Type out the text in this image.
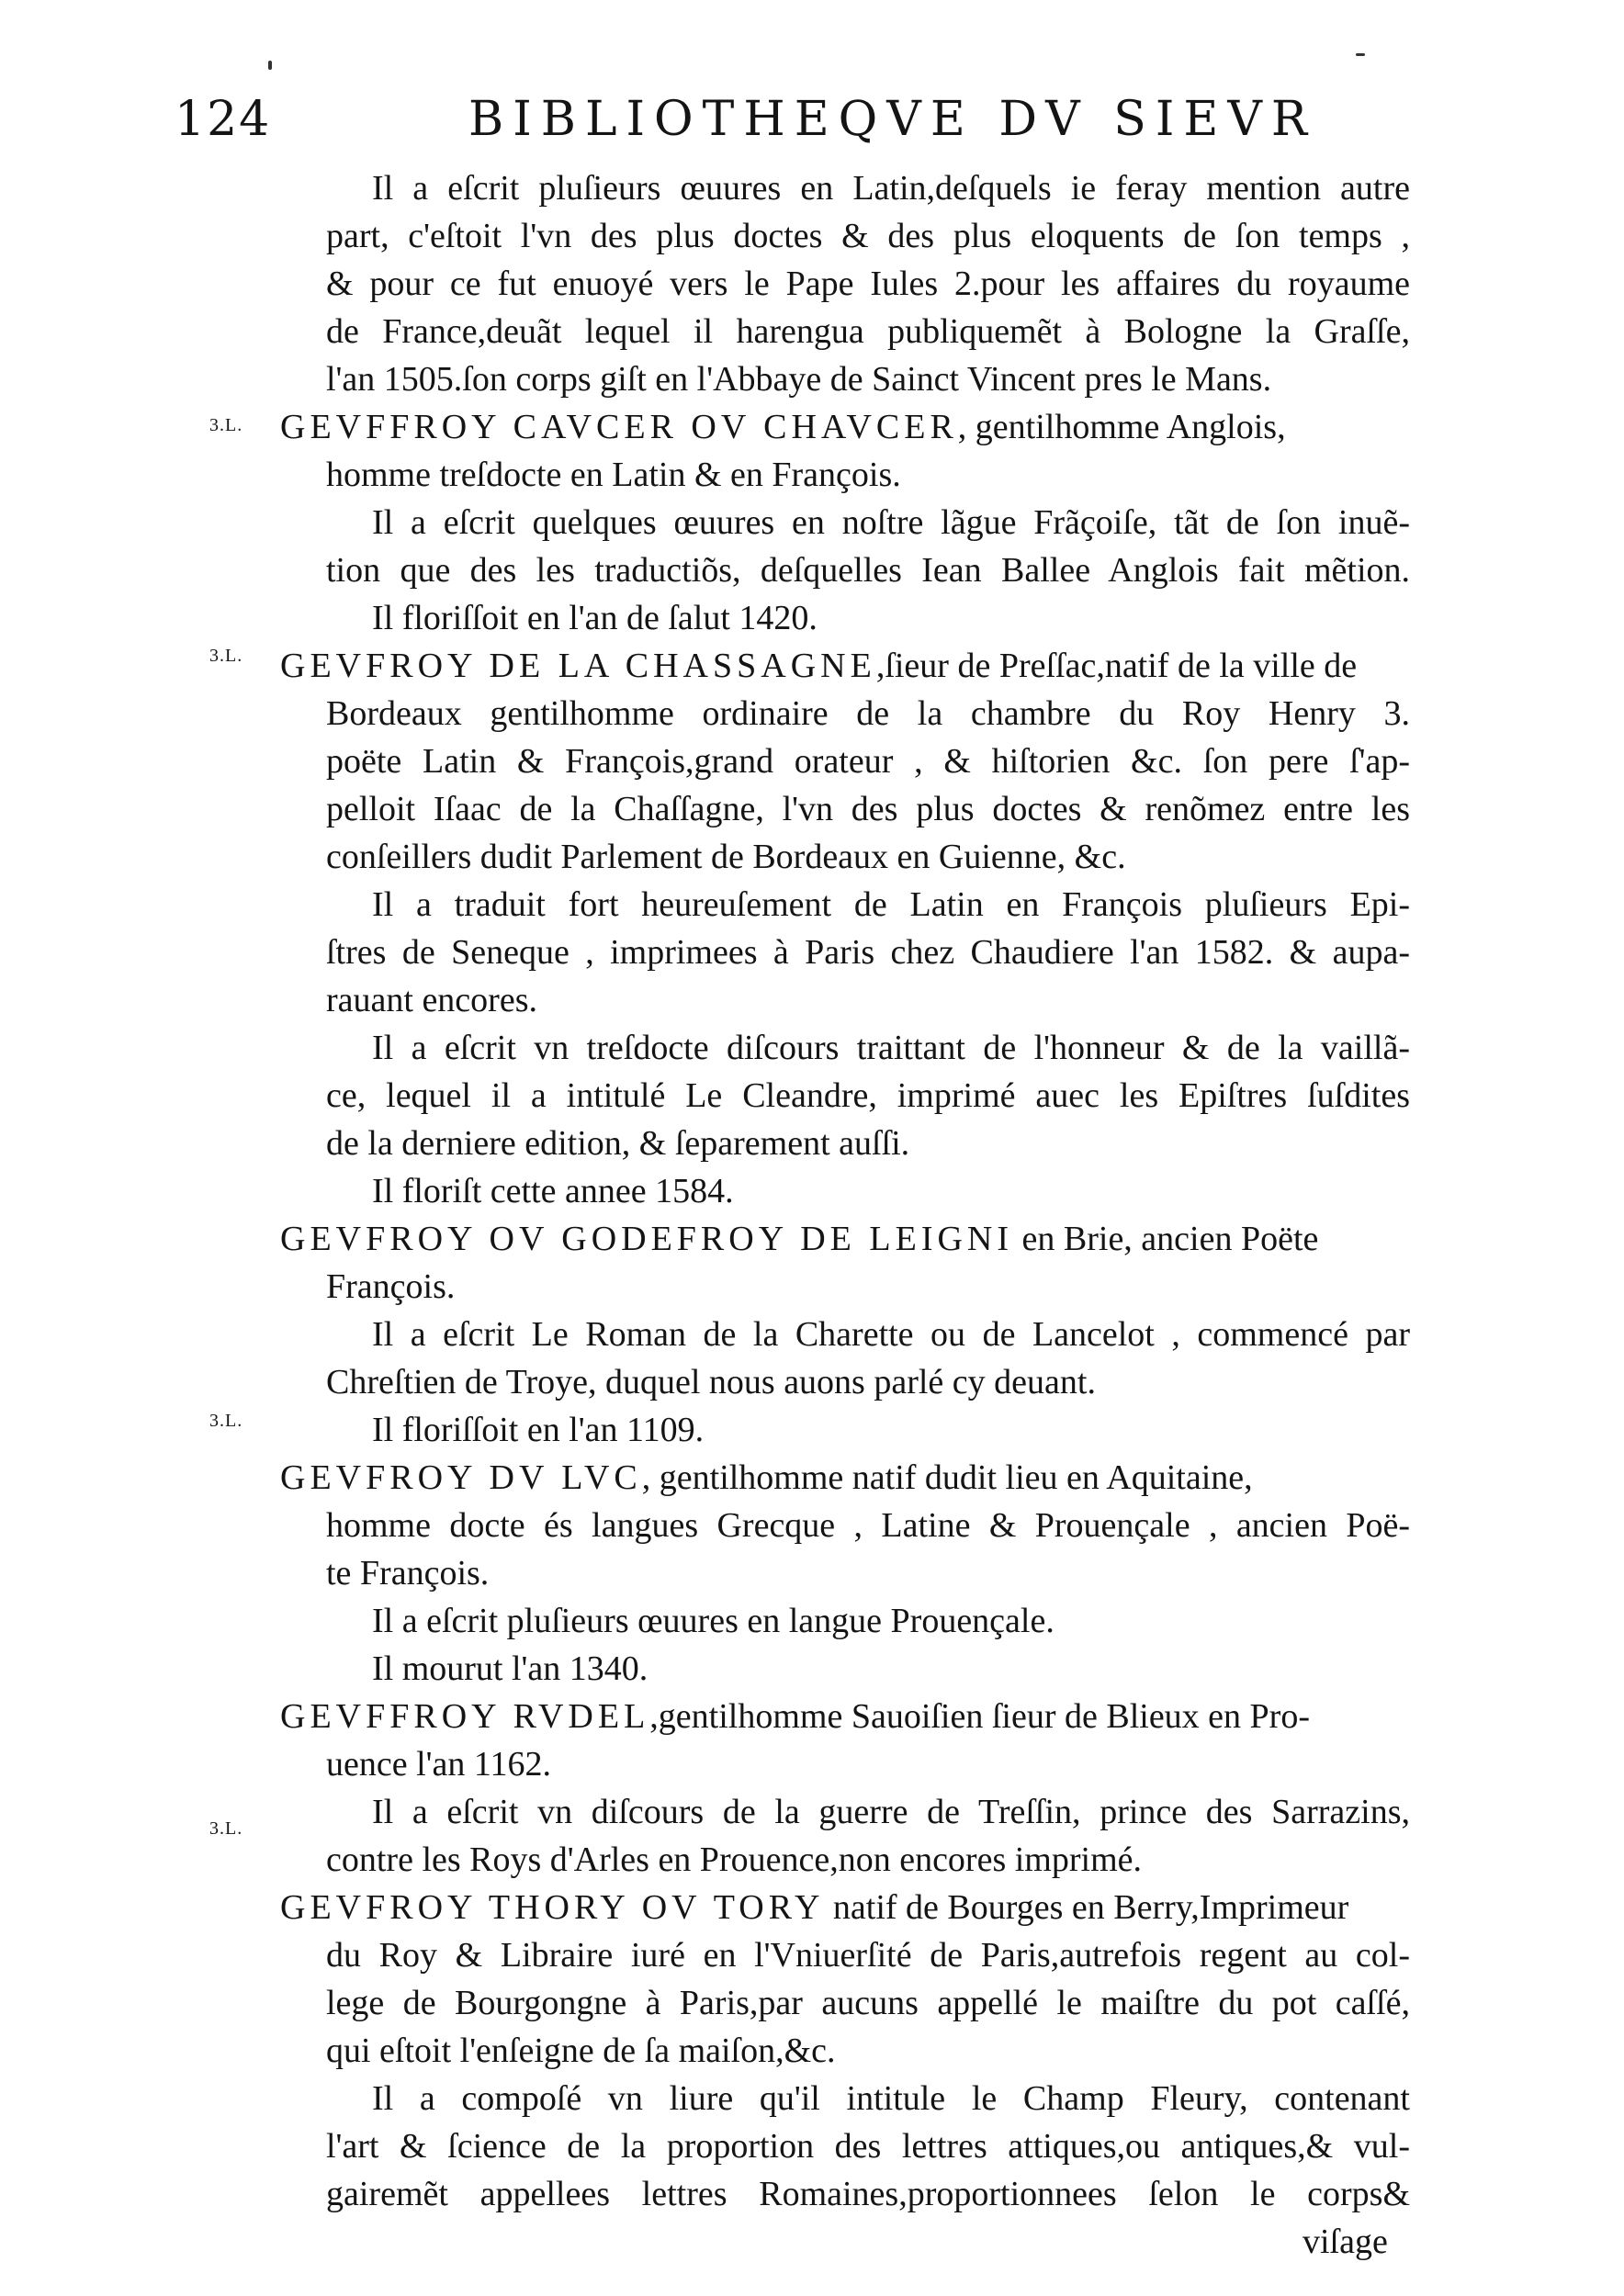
124	BIBLIOTHEQVE DV SIEVR
3.L.
3.L.
3.L.
3.L.
Il a eſcrit pluſieurs œuures en Latin,deſquels ie feray mention autre
part, c'eſtoit l'vn des plus doctes & des plus eloquents de ſon temps ,
& pour ce fut enuoyé vers le Pape Iules 2.pour les affaires du royaume
de France,deuãt lequel il harengua publiquemẽt à Bologne la Graſſe,
l'an 1505.ſon corps giſt en l'Abbaye de Sainct Vincent pres le Mans.
GEVFFROY CAVCER OV CHAVCER, gentilhomme Anglois,
homme treſdocte en Latin & en François.
Il a eſcrit quelques œuures en noſtre lãgue Frãçoiſe, tãt de ſon inuẽ-
tion que des les traductiõs, deſquelles Iean Ballee Anglois fait mẽtion.
Il floriſſoit en l'an de ſalut 1420.
GEVFROY DE LA CHASSAGNE,ſieur de Preſſac,natif de la ville de
Bordeaux gentilhomme ordinaire de la chambre du Roy Henry 3.
poëte Latin & François,grand orateur , & hiſtorien &c. ſon pere ſ'ap-
pelloit Iſaac de la Chaſſagne, l'vn des plus doctes & renõmez entre les
conſeillers dudit Parlement de Bordeaux en Guienne, &c.
Il a traduit fort heureuſement de Latin en François pluſieurs Epi-
ſtres de Seneque , imprimees à Paris chez Chaudiere l'an 1582. & aupa-
rauant encores.
Il a eſcrit vn treſdocte diſcours traittant de l'honneur & de la vaillã-
ce, lequel il a intitulé Le Cleandre, imprimé auec les Epiſtres ſuſdites
de la derniere edition, & ſeparement auſſi.
Il floriſt cette annee 1584.
GEVFROY OV GODEFROY DE LEIGNI en Brie, ancien Poëte
François.
Il a eſcrit Le Roman de la Charette ou de Lancelot , commencé par
Chreſtien de Troye, duquel nous auons parlé cy deuant.
Il floriſſoit en l'an 1109.
GEVFROY DV LVC, gentilhomme natif dudit lieu en Aquitaine,
homme docte és langues Grecque , Latine & Prouençale , ancien Poë-
te François.
Il a eſcrit pluſieurs œuures en langue Prouençale.
Il mourut l'an 1340.
GEVFFROY RVDEL,gentilhomme Sauoiſien ſieur de Blieux en Pro-
uence l'an 1162.
Il a eſcrit vn diſcours de la guerre de Treſſin, prince des Sarrazins,
contre les Roys d'Arles en Prouence,non encores imprimé.
GEVFROY THORY OV TORY natif de Bourges en Berry,Imprimeur
du Roy & Libraire iuré en l'Vniuerſité de Paris,autrefois regent au col-
lege de Bourgongne à Paris,par aucuns appellé le maiſtre du pot caſſé,
qui eſtoit l'enſeigne de ſa maiſon,&c.
Il a compoſé vn liure qu'il intitule le Champ Fleury, contenant
l'art & ſcience de la proportion des lettres attiques,ou antiques,& vul-
gairemẽt appellees lettres Romaines,proportionnees ſelon le corps&
viſage
